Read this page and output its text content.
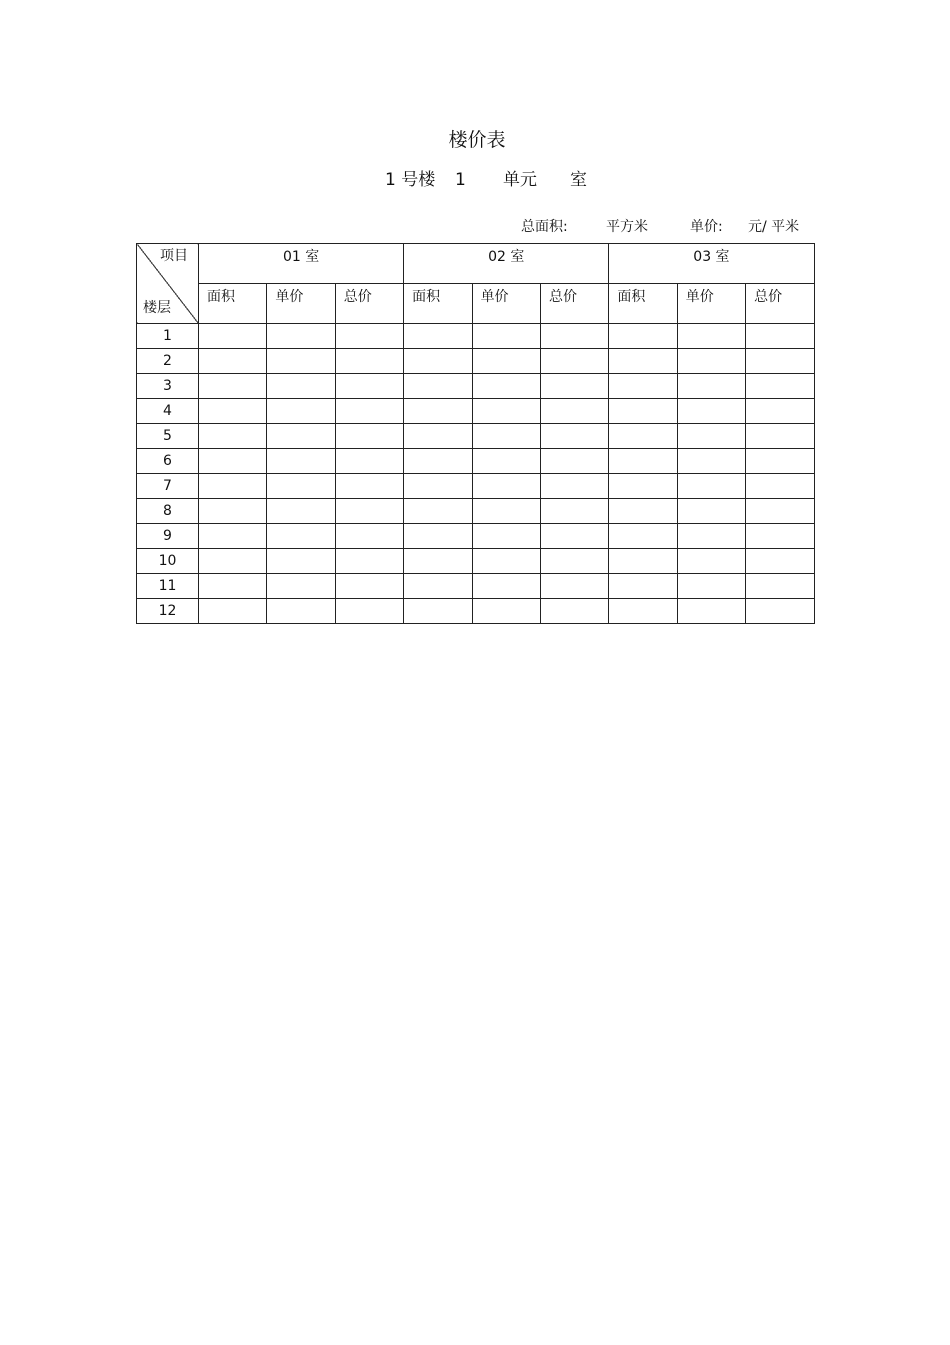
楼价表
1 号楼 1 单元 室
总面积:	平方米	单价: 元/ 平米
项目
楼层	01 室			02 室			03 室		
	面积	单价	总价	面积	单价	总价	面积	单价	总价
1									
2									
3									
4									
5									
6									
7									
8									
9									
10									
11									
12									
